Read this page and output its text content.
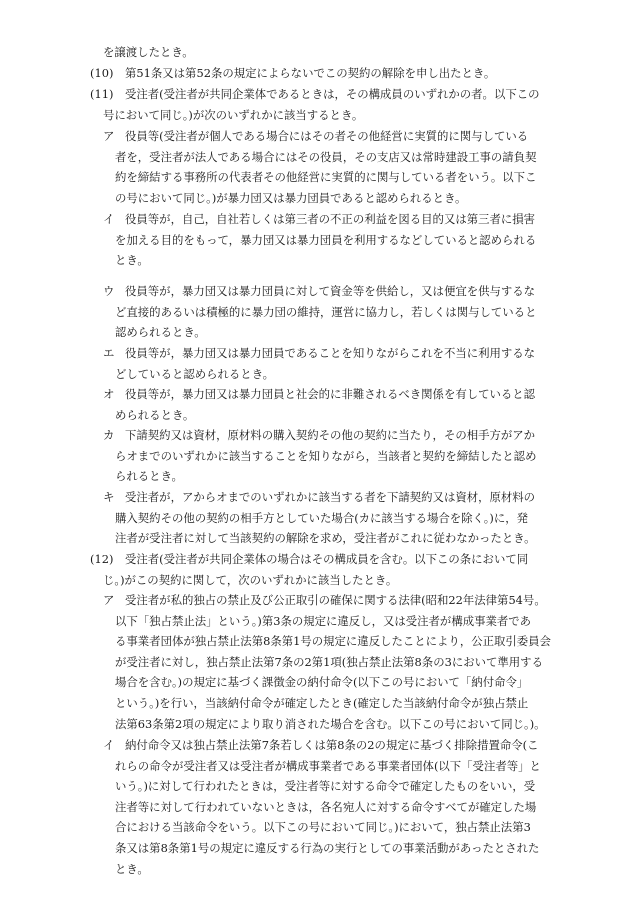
を譲渡したとき。
(10) 第51条又は第52条の規定によらないでこの契約の解除を申し出たとき。
(11)	受注者(受注者が共同企業体であるときは，その構成員のいずれかの者。以下この
号において同じ。)が次のいずれかに該当するとき。
ア 役員等(受注者が個人である場合にはその者その他経営に実質的に関与している
者を，受注者が法人である場合にはその役員，その支店又は常時建設工事の請負契
約を締結する事務所の代表者その他経営に実質的に関与している者をいう。以下こ
の号において同じ。)が暴力団又は暴力団員であると認められるとき。
イ 役員等が，自己，自社若しくは第三者の不正の利益を図る目的又は第三者に損害
を加える目的をもって，暴力団又は暴力団員を利用するなどしていると認められる
とき。
ウ 役員等が，暴力団又は暴力団員に対して資金等を供給し，又は便宜を供与するな
ど直接的あるいは積極的に暴力団の維持，運営に協力し，若しくは関与していると
認められるとき。
エ 役員等が，暴力団又は暴力団員であることを知りながらこれを不当に利用するな
どしていると認められるとき。
オ 役員等が，暴力団又は暴力団員と社会的に非難されるべき関係を有していると認
められるとき。
カ 下請契約又は資材，原材料の購入契約その他の契約に当たり，その相手方がアか
らオまでのいずれかに該当することを知りながら，当該者と契約を締結したと認め
られるとき。
キ 受注者が，アからオまでのいずれかに該当する者を下請契約又は資材，原材料の
購入契約その他の契約の相手方としていた場合(カに該当する場合を除く。)に，発
注者が受注者に対して当該契約の解除を求め，受注者がこれに従わなかったとき。
(12)	受注者(受注者が共同企業体の場合はその構成員を含む。以下この条において同
じ。)がこの契約に関して，次のいずれかに該当したとき。
ア 受注者が私的独占の禁止及び公正取引の確保に関する法律(昭和22年法律第54号。
以下「独占禁止法」という。)第3条の規定に違反し，又は受注者が構成事業者であ
る事業者団体が独占禁止法第8条第1号の規定に違反したことにより，公正取引委員会
が受注者に対し，独占禁止法第7条の2第1項(独占禁止法第8条の3において準用する
場合を含む。)の規定に基づく課徴金の納付命令(以下この号において「納付命令」
という。)を行い，当該納付命令が確定したとき(確定した当該納付命令が独占禁止
法第63条第2項の規定により取り消された場合を含む。以下この号において同じ。)。
イ 納付命令又は独占禁止法第7条若しくは第8条の2の規定に基づく排除措置命令(こ
れらの命令が受注者又は受注者が構成事業者である事業者団体(以下「受注者等」と
いう。)に対して行われたときは，受注者等に対する命令で確定したものをいい，受
注者等に対して行われていないときは，各名宛人に対する命令すべてが確定した場
合における当該命令をいう。以下この号において同じ。)において，独占禁止法第3
条又は第8条第1号の規定に違反する行為の実行としての事業活動があったとされた
とき。
